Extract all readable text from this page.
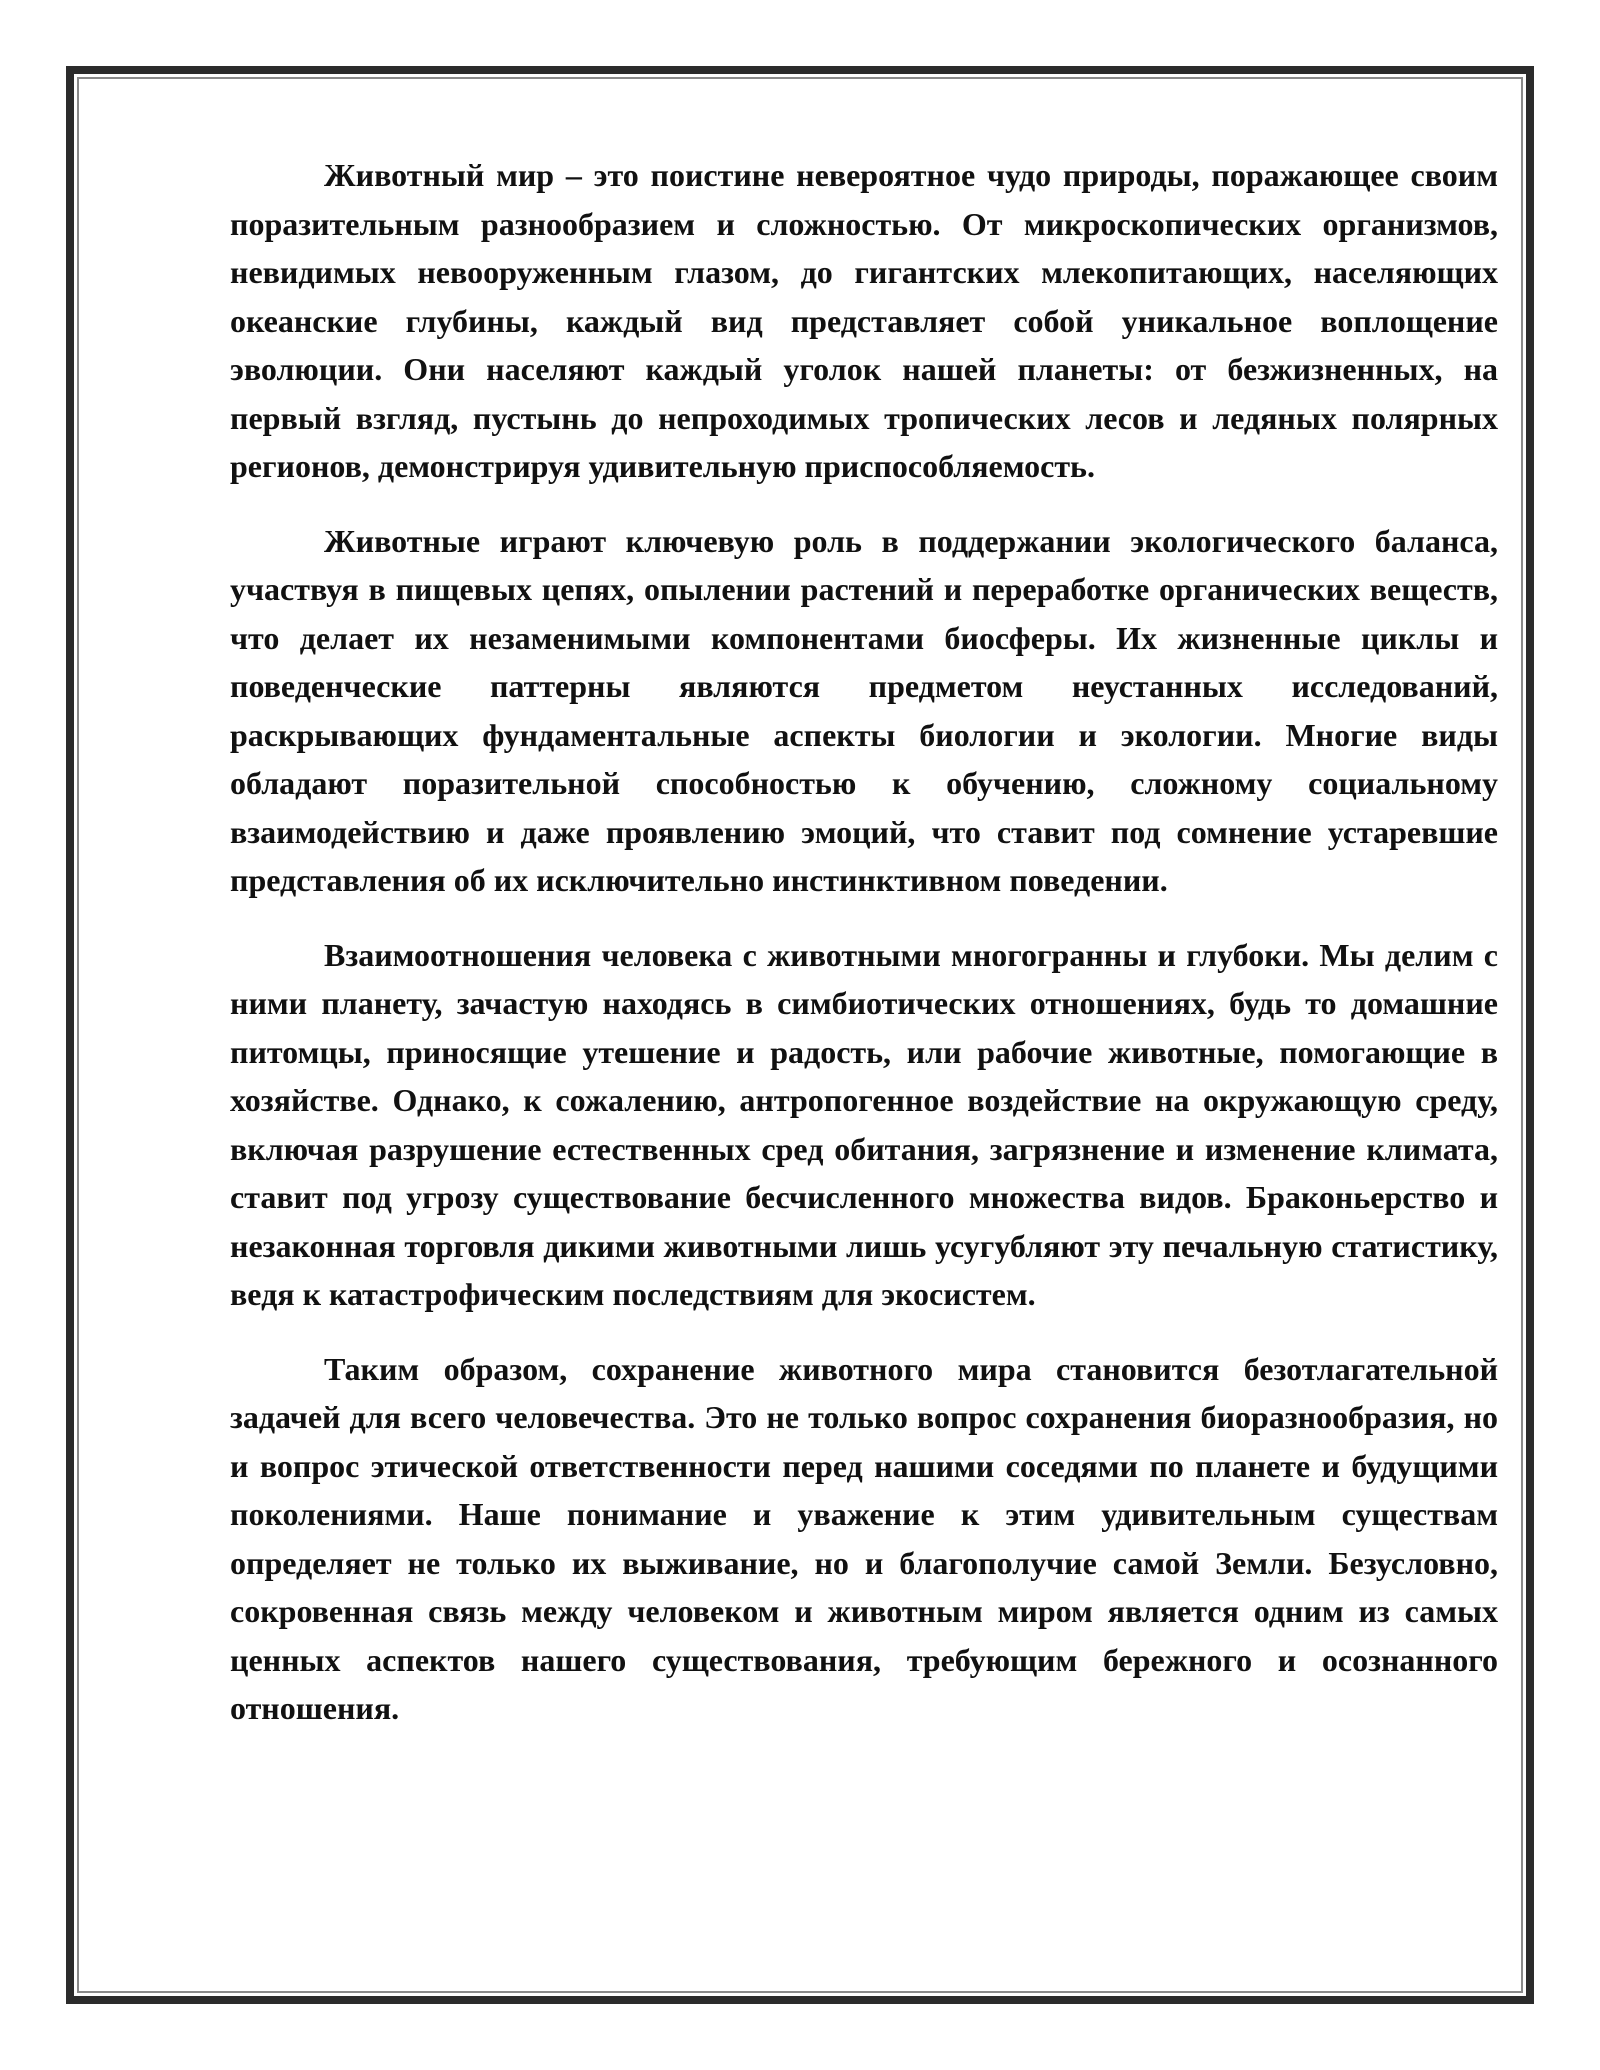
Животный мир – это поистине невероятное чудо природы, поражающее своим поразительным разнообразием и сложностью. От микроскопических организмов, невидимых невооруженным глазом, до гигантских млекопитающих, населяющих океанские глубины, каждый вид представляет собой уникальное воплощение эволюции. Они населяют каждый уголок нашей планеты: от безжизненных, на первый взгляд, пустынь до непроходимых тропических лесов и ледяных полярных регионов, демонстрируя удивительную приспособляемость.

Животные играют ключевую роль в поддержании экологического баланса, участвуя в пищевых цепях, опылении растений и переработке органических веществ, что делает их незаменимыми компонентами биосферы. Их жизненные циклы и поведенческие паттерны являются предметом неустанных исследований, раскрывающих фундаментальные аспекты биологии и экологии. Многие виды обладают поразительной способностью к обучению, сложному социальному взаимодействию и даже проявлению эмоций, что ставит под сомнение устаревшие представления об их исключительно инстинктивном поведении.

Взаимоотношения человека с животными многогранны и глубоки. Мы делим с ними планету, зачастую находясь в симбиотических отношениях, будь то домашние питомцы, приносящие утешение и радость, или рабочие животные, помогающие в хозяйстве. Однако, к сожалению, антропогенное воздействие на окружающую среду, включая разрушение естественных сред обитания, загрязнение и изменение климата, ставит под угрозу существование бесчисленного множества видов. Браконьерство и незаконная торговля дикими животными лишь усугубляют эту печальную статистику, ведя к катастрофическим последствиям для экосистем.

Таким образом, сохранение животного мира становится безотлагательной задачей для всего человечества. Это не только вопрос сохранения биоразнообразия, но и вопрос этической ответственности перед нашими соседями по планете и будущими поколениями. Наше понимание и уважение к этим удивительным существам определяет не только их выживание, но и благополучие самой Земли. Безусловно, сокровенная связь между человеком и животным миром является одним из самых ценных аспектов нашего существования, требующим бережного и осознанного отношения.
